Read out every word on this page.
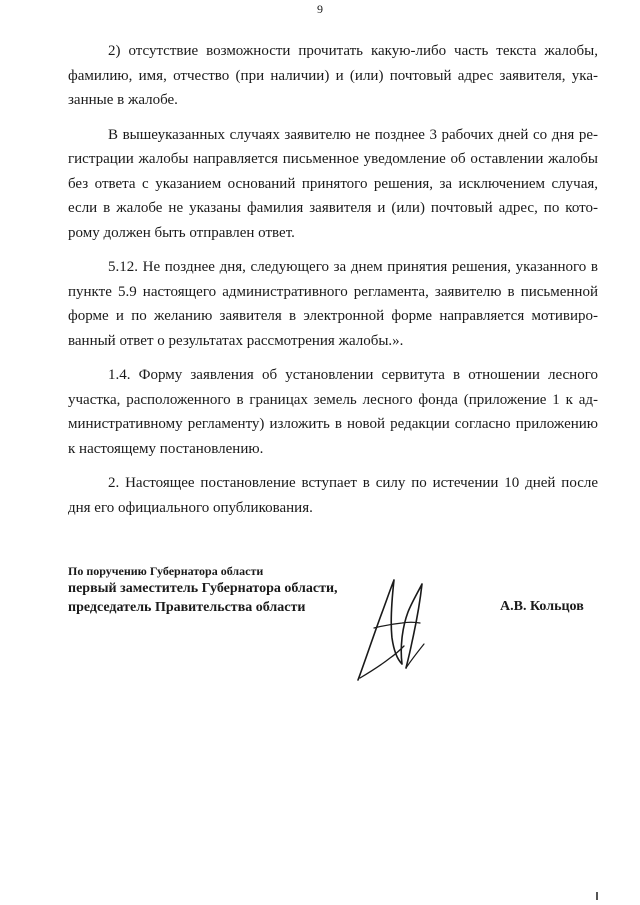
9

2) отсутствие возможности прочитать какую-либо часть текста жалобы, фамилию, имя, отчество (при наличии) и (или) почтовый адрес заявителя, указанные в жалобе.

В вышеуказанных случаях заявителю не позднее 3 рабочих дней со дня регистрации жалобы направляется письменное уведомление об оставлении жалобы без ответа с указанием оснований принятого решения, за исключением случая, если в жалобе не указаны фамилия заявителя и (или) почтовый адрес, по которому должен быть отправлен ответ.

5.12. Не позднее дня, следующего за днем принятия решения, указанного в пункте 5.9 настоящего административного регламента, заявителю в письменной форме и по желанию заявителя в электронной форме направляется мотивированный ответ о результатах рассмотрения жалобы.».

1.4. Форму заявления об установлении сервитута в отношении лесного участка, расположенного в границах земель лесного фонда (приложение 1 к административному регламенту) изложить в новой редакции согласно приложению к настоящему постановлению.

2. Настоящее постановление вступает в силу по истечении 10 дней после дня его официального опубликования.

По поручению Губернатора области

первый заместитель Губернатора области,

председатель Правительства области	А.В. Кольцов
